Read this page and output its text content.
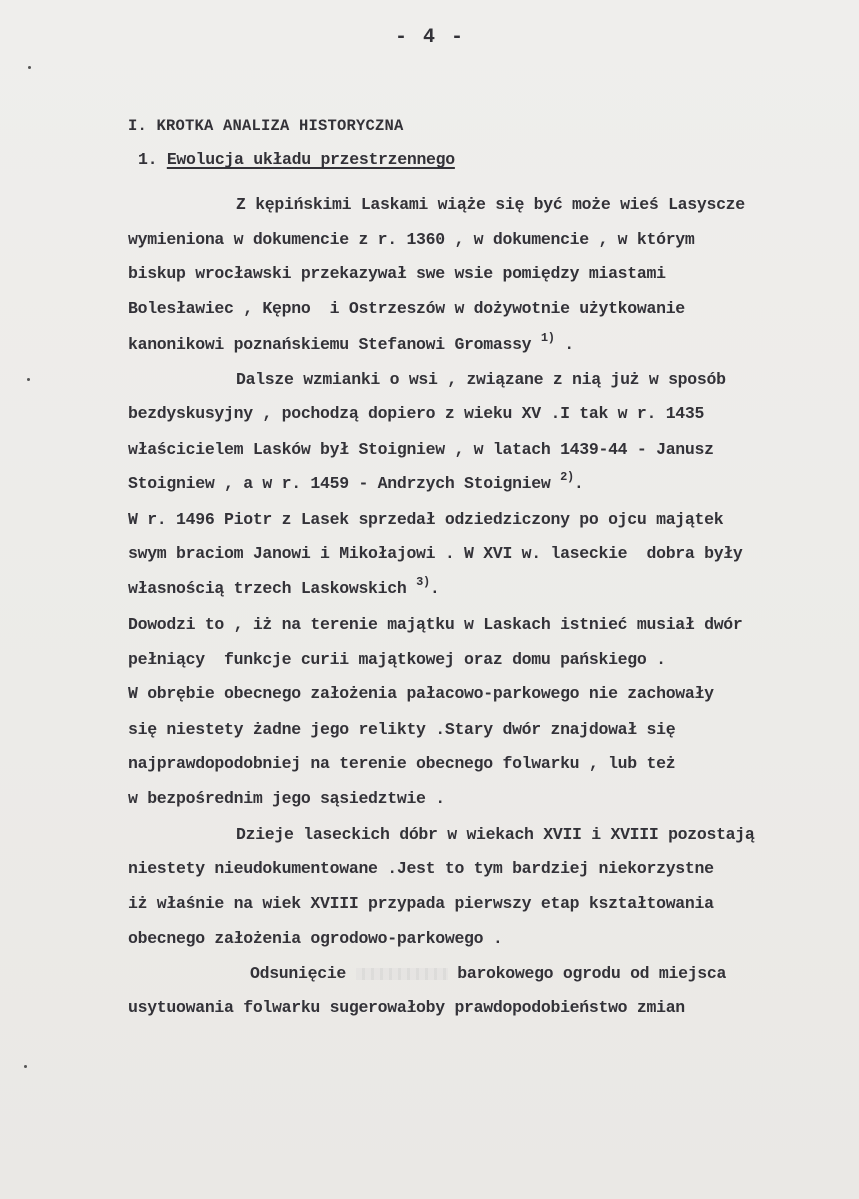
- 4 -
I. KROTKA ANALIZA HISTORYCZNA
1. Ewolucja układu przestrzennego
Z kępińskimi Laskami wiąże się być może wieś Lasyscze
wymieniona w dokumencie z r. 1360 , w dokumencie , w którym
biskup wrocławski przekazywał swe wsie pomiędzy miastami
Bolesławiec , Kępno  i Ostrzeszów w dożywotnie użytkowanie
kanonikowi poznańskiemu Stefanowi Gromassy $^{1)}$ .
Dalsze wzmianki o wsi , związane z nią już w sposób
bezdyskusyjny , pochodzą dopiero z wieku XV .I tak w r. 1435
właścicielem Lasków był Stoigniew , w latach 1439-44 - Janusz
Stoigniew , a w r. 1459 - Andrzych Stoigniew $^{2)}$.
W r. 1496 Piotr z Lasek sprzedał odziedziczony po ojcu majątek
swym braciom Janowi i Mikołajowi . W XVI w. laseckie  dobra były
własnością trzech Laskowskich $^{3)}$.
Dowodzi to , iż na terenie majątku w Laskach istnieć musiał dwór
pełniący  funkcje curii majątkowej oraz domu pańskiego .
W obrębie obecnego założenia pałacowo-parkowego nie zachowały
się niestety żadne jego relikty .Stary dwór znajdował się
najprawdopodobniej na terenie obecnego folwarku , lub też
w bezpośrednim jego sąsiedztwie .
Dzieje laseckich dóbr w wiekach XVII i XVIII pozostają
niestety nieudokumentowane .Jest to tym bardziej niekorzystne
iż właśnie na wiek XVIII przypada pierwszy etap kształtowania
obecnego założenia ogrodowo-parkowego .
Odsunięcie	barokowego ogrodu od miejsca
usytuowania folwarku sugerowałoby prawdopodobieństwo zmian
